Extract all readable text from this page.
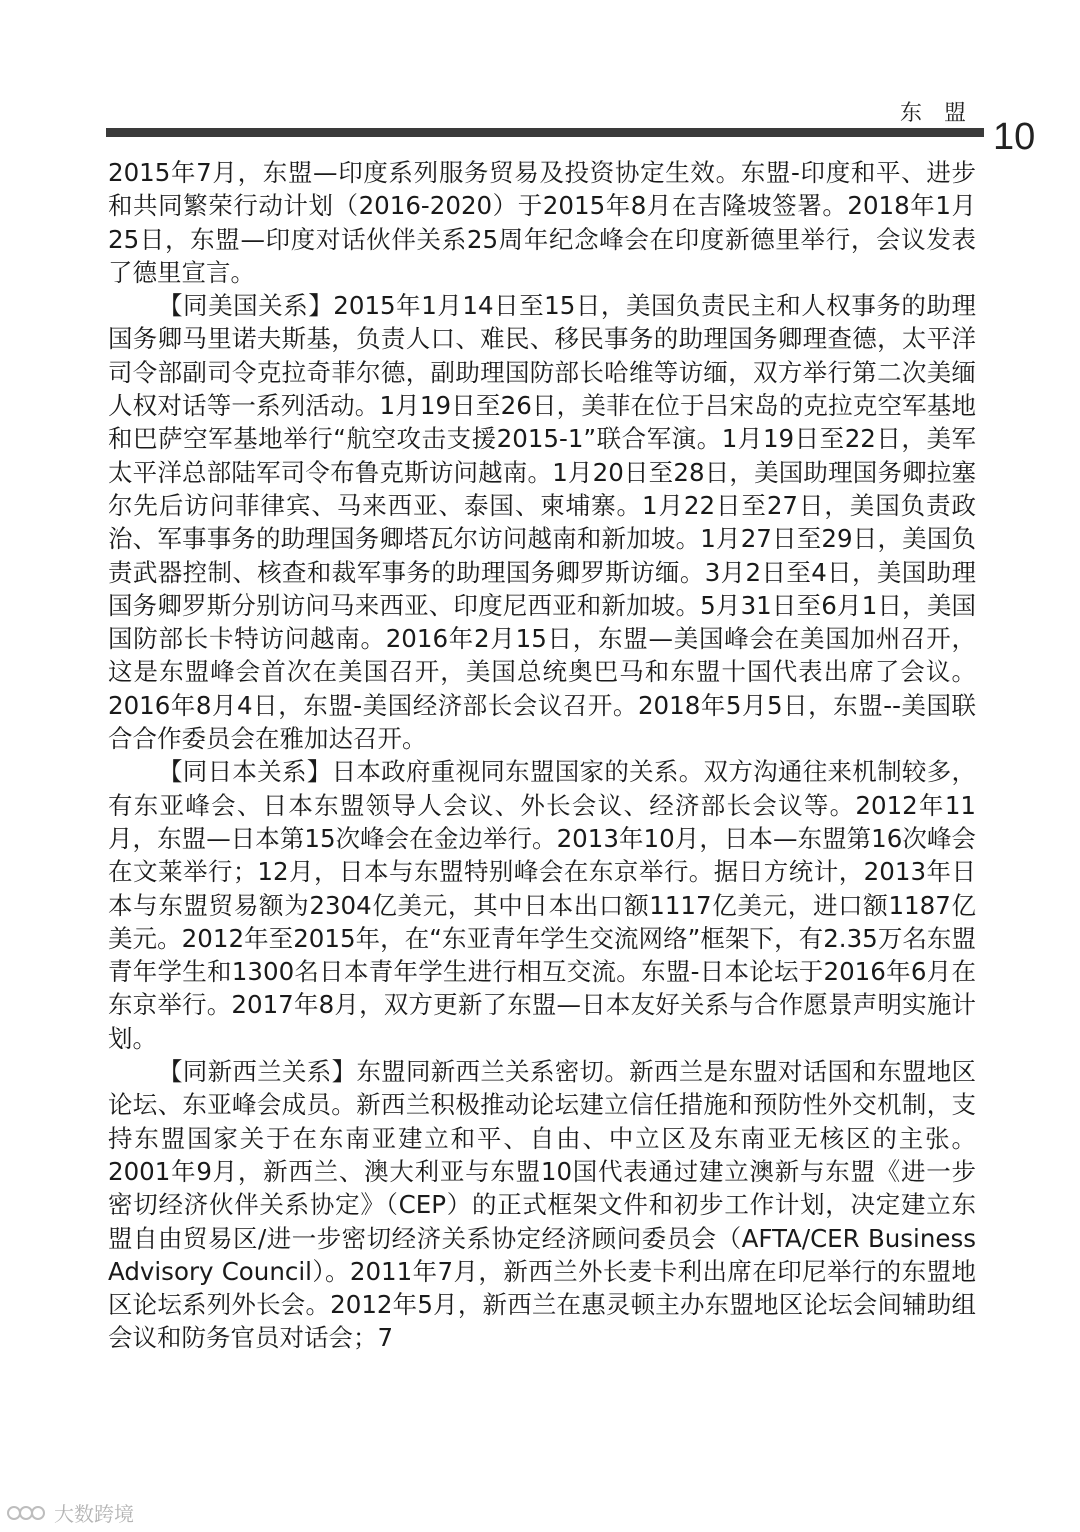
东盟
10

2015年7月，东盟—印度系列服务贸易及投资协定生效。东盟-印度和平、进步和共同繁荣行动计划（2016-2020）于2015年8月在吉隆坡签署。2018年1月25日，东盟—印度对话伙伴关系25周年纪念峰会在印度新德里举行，会议发表了德里宣言。

【同美国关系】2015年1月14日至15日，美国负责民主和人权事务的助理国务卿马里诺夫斯基，负责人口、难民、移民事务的助理国务卿理查德，太平洋司令部副司令克拉奇菲尔德，副助理国防部长哈维等访缅，双方举行第二次美缅人权对话等一系列活动。1月19日至26日，美菲在位于吕宋岛的克拉克空军基地和巴萨空军基地举行“航空攻击支援2015-1”联合军演。1月19日至22日，美军太平洋总部陆军司令布鲁克斯访问越南。1月20日至28日，美国助理国务卿拉塞尔先后访问菲律宾、马来西亚、泰国、柬埔寨。1月22日至27日，美国负责政治、军事事务的助理国务卿塔瓦尔访问越南和新加坡。1月27日至29日，美国负责武器控制、核查和裁军事务的助理国务卿罗斯访缅。3月2日至4日，美国助理国务卿罗斯分别访问马来西亚、印度尼西亚和新加坡。5月31日至6月1日，美国国防部长卡特访问越南。2016年2月15日，东盟—美国峰会在美国加州召开，这是东盟峰会首次在美国召开，美国总统奥巴马和东盟十国代表出席了会议。2016年8月4日，东盟-美国经济部长会议召开。2018年5月5日，东盟--美国联合合作委员会在雅加达召开。

【同日本关系】日本政府重视同东盟国家的关系。双方沟通往来机制较多，有东亚峰会、日本东盟领导人会议、外长会议、经济部长会议等。2012年11月，东盟—日本第15次峰会在金边举行。2013年10月，日本—东盟第16次峰会在文莱举行；12月，日本与东盟特别峰会在东京举行。据日方统计，2013年日本与东盟贸易额为2304亿美元，其中日本出口额1117亿美元，进口额1187亿美元。2012年至2015年，在“东亚青年学生交流网络”框架下，有2.35万名东盟青年学生和1300名日本青年学生进行相互交流。东盟-日本论坛于2016年6月在东京举行。2017年8月，双方更新了东盟—日本友好关系与合作愿景声明实施计划。

【同新西兰关系】东盟同新西兰关系密切。新西兰是东盟对话国和东盟地区论坛、东亚峰会成员。新西兰积极推动论坛建立信任措施和预防性外交机制，支持东盟国家关于在东南亚建立和平、自由、中立区及东南亚无核区的主张。2001年9月，新西兰、澳大利亚与东盟10国代表通过建立澳新与东盟《进一步密切经济伙伴关系协定》（CEP）的正式框架文件和初步工作计划，决定建立东盟自由贸易区/进一步密切经济关系协定经济顾问委员会（AFTA/CER Business Advisory Council）。2011年7月，新西兰外长麦卡利出席在印尼举行的东盟地区论坛系列外长会。2012年5月，新西兰在惠灵顿主办东盟地区论坛会间辅助组会议和防务官员对话会；7

大数跨境
